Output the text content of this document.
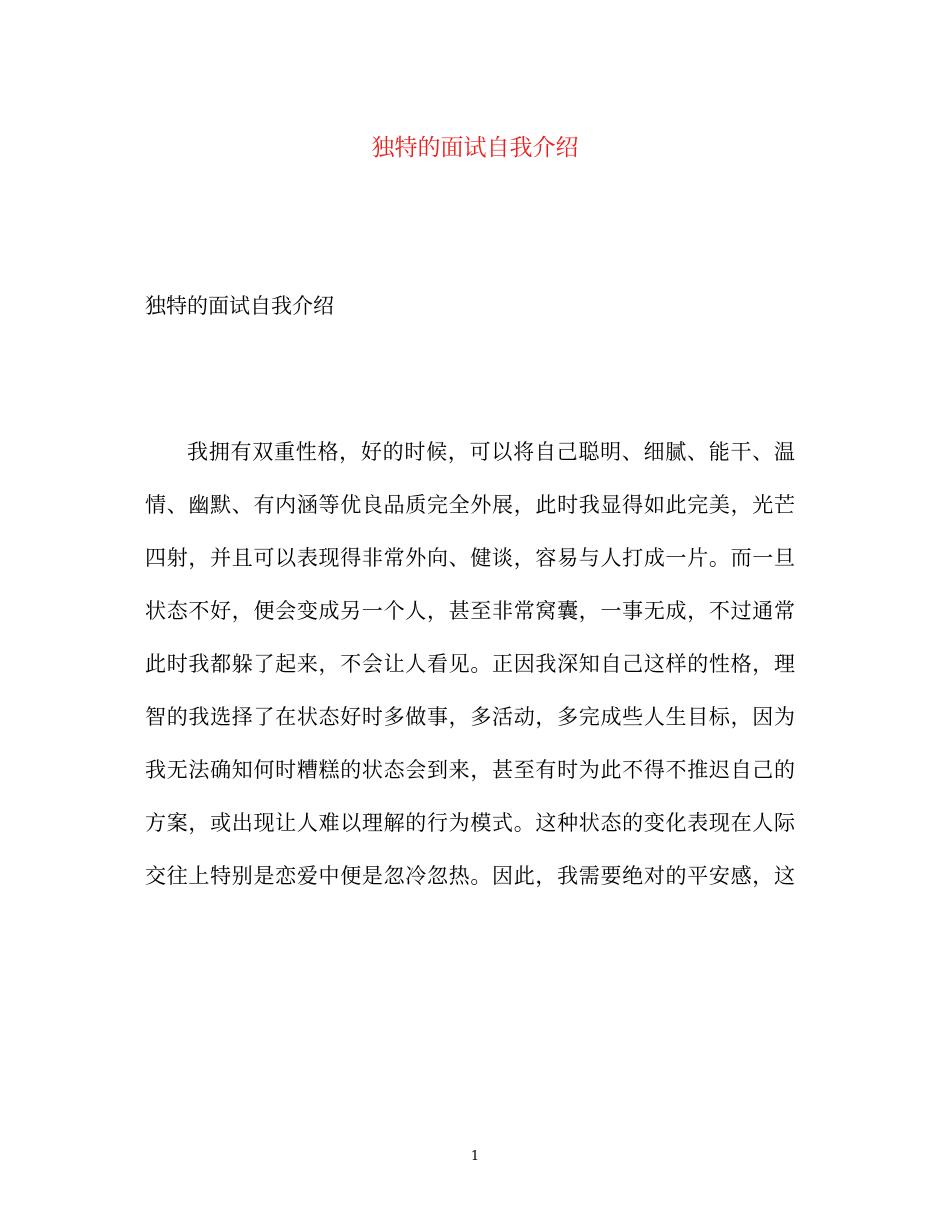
独特的面试自我介绍
独特的面试自我介绍
我拥有双重性格，好的时候，可以将自己聪明、细腻、能干、温
情、幽默、有内涵等优良品质完全外展，此时我显得如此完美，光芒
四射，并且可以表现得非常外向、健谈，容易与人打成一片。而一旦
状态不好，便会变成另一个人，甚至非常窝囊，一事无成，不过通常
此时我都躲了起来，不会让人看见。正因我深知自己这样的性格，理
智的我选择了在状态好时多做事，多活动，多完成些人生目标，因为
我无法确知何时糟糕的状态会到来，甚至有时为此不得不推迟自己的
方案，或出现让人难以理解的行为模式。这种状态的变化表现在人际
交往上特别是恋爱中便是忽冷忽热。因此，我需要绝对的平安感，这
1
